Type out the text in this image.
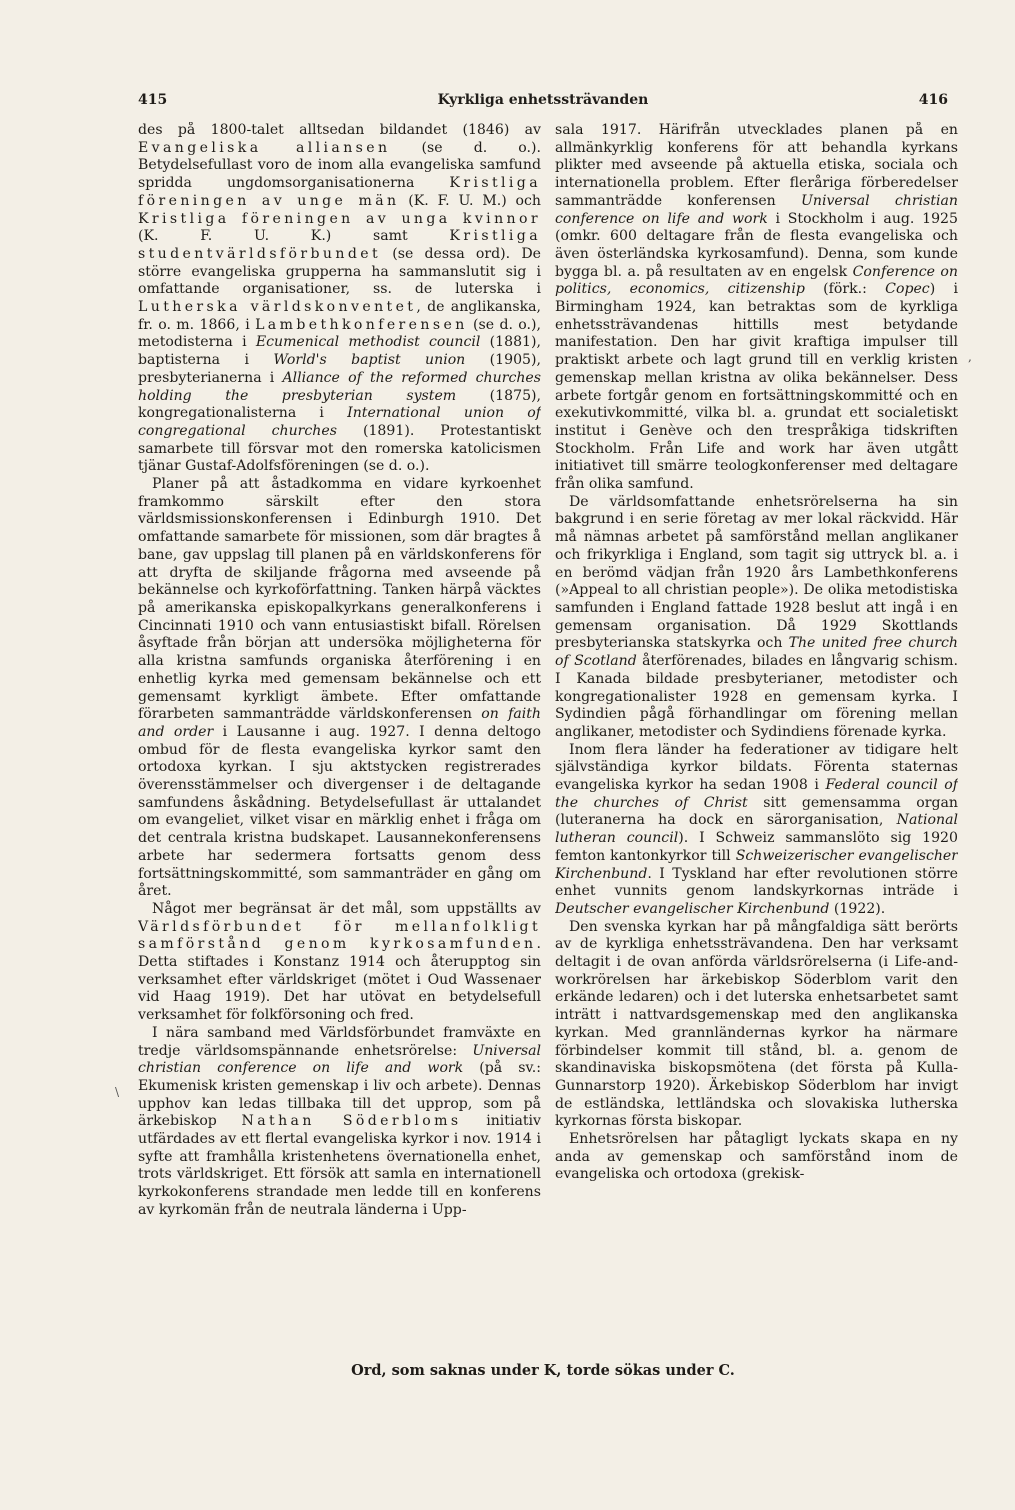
415	Kyrkliga enhetssträvanden	416

des på 1800-talet alltsedan bildandet (1846) av Evangeliska alliansen (se d. o.). Betydelsefullast voro de inom alla evangeliska samfund spridda ungdomsorganisationerna Kristliga föreningen av unge män (K. F. U. M.) och Kristliga föreningen av unga kvinnor (K. F. U. K.) samt Kristliga studentvärldsförbundet (se dessa ord). De större evangeliska grupperna ha sammanslutit sig i omfattande organisationer, ss. de luterska i Lutherska världskonventet, de anglikanska, fr. o. m. 1866, i Lambethkonferensen (se d. o.), metodisterna i Ecumenical methodist council (1881), baptisterna i World's baptist union (1905), presbyterianerna i Alliance of the reformed churches holding the presbyterian system (1875), kongregationalisterna i International union of congregational churches (1891). Protestantiskt samarbete till försvar mot den romerska katolicismen tjänar Gustaf-Adolfsföreningen (se d. o.).

Planer på att åstadkomma en vidare kyrkoenhet framkommo särskilt efter den stora världsmissionskonferensen i Edinburgh 1910. Det omfattande samarbete för missionen, som där bragtes å bane, gav uppslag till planen på en världskonferens för att dryfta de skiljande frågorna med avseende på bekännelse och kyrkoförfattning. Tanken härpå väcktes på amerikanska episkopalkyrkans generalkonferens i Cincinnati 1910 och vann entusiastiskt bifall. Rörelsen åsyftade från början att undersöka möjligheterna för alla kristna samfunds organiska återförening i en enhetlig kyrka med gemensam bekännelse och ett gemensamt kyrkligt ämbete. Efter omfattande förarbeten sammanträdde världskonferensen on faith and order i Lausanne i aug. 1927. I denna deltogo ombud för de flesta evangeliska kyrkor samt den ortodoxa kyrkan. I sju aktstycken registrerades överensstämmelser och divergenser i de deltagande samfundens åskådning. Betydelsefullast är uttalandet om evangeliet, vilket visar en märklig enhet i fråga om det centrala kristna budskapet. Lausannekonferensens arbete har sedermera fortsatts genom dess fortsättningskommitté, som sammanträder en gång om året.

Något mer begränsat är det mål, som uppställts av Världsförbundet för mellanfolkligt samförstånd genom kyrkosamfunden. Detta stiftades i Konstanz 1914 och återupptog sin verksamhet efter världskriget (mötet i Oud Wassenaer vid Haag 1919). Det har utövat en betydelsefull verksamhet för folkförsoning och fred.

I nära samband med Världsförbundet framväxte en tredje världsomspännande enhetsrörelse: Universal christian conference on life and work (på sv.: Ekumenisk kristen gemenskap i liv och arbete). Dennas upphov kan ledas tillbaka till det upprop, som på ärkebiskop Nathan Söderbloms initiativ utfärdades av ett flertal evangeliska kyrkor i nov. 1914 i syfte att framhålla kristenhetens övernationella enhet, trots världskriget. Ett försök att samla en internationell kyrkokonferens strandade men ledde till en konferens av kyrkomän från de neutrala länderna i Upp-

sala 1917. Härifrån utvecklades planen på en allmänkyrklig konferens för att behandla kyrkans plikter med avseende på aktuella etiska, sociala och internationella problem. Efter fleråriga förberedelser sammanträdde konferensen Universal christian conference on life and work i Stockholm i aug. 1925 (omkr. 600 deltagare från de flesta evangeliska och även österländska kyrkosamfund). Denna, som kunde bygga bl. a. på resultaten av en engelsk Conference on politics, economics, citizenship (förk.: Copec) i Birmingham 1924, kan betraktas som de kyrkliga enhetssträvandenas hittills mest betydande manifestation. Den har givit kraftiga impulser till praktiskt arbete och lagt grund till en verklig kristen gemenskap mellan kristna av olika bekännelser. Dess arbete fortgår genom en fortsättningskommitté och en exekutivkommitté, vilka bl. a. grundat ett socialetiskt institut i Genève och den trespråkiga tidskriften Stockholm. Från Life and work har även utgått initiativet till smärre teologkonferenser med deltagare från olika samfund.

De världsomfattande enhetsrörelserna ha sin bakgrund i en serie företag av mer lokal räckvidd. Här må nämnas arbetet på samförstånd mellan anglikaner och frikyrkliga i England, som tagit sig uttryck bl. a. i en berömd vädjan från 1920 års Lambethkonferens (»Appeal to all christian people»). De olika metodistiska samfunden i England fattade 1928 beslut att ingå i en gemensam organisation. Då 1929 Skottlands presbyterianska statskyrka och The united free church of Scotland återförenades, bilades en långvarig schism. I Kanada bildade presbyterianer, metodister och kongregationalister 1928 en gemensam kyrka. I Sydindien pågå förhandlingar om förening mellan anglikaner, metodister och Sydindiens förenade kyrka.

Inom flera länder ha federationer av tidigare helt självständiga kyrkor bildats. Förenta staternas evangeliska kyrkor ha sedan 1908 i Federal council of the churches of Christ sitt gemensamma organ (luteranerna ha dock en särorganisation, National lutheran council). I Schweiz sammanslöto sig 1920 femton kantonkyrkor till Schweizerischer evangelischer Kirchenbund. I Tyskland har efter revolutionen större enhet vunnits genom landskyrkornas inträde i Deutscher evangelischer Kirchenbund (1922).

Den svenska kyrkan har på mångfaldiga sätt berörts av de kyrkliga enhetssträvandena. Den har verksamt deltagit i de ovan anförda världsrörelserna (i Life-and-workrörelsen har ärkebiskop Söderblom varit den erkände ledaren) och i det luterska enhetsarbetet samt inträtt i nattvardsgemenskap med den anglikanska kyrkan. Med grannländernas kyrkor ha närmare förbindelser kommit till stånd, bl. a. genom de skandinaviska biskopsmötena (det första på Kulla-Gunnarstorp 1920). Ärkebiskop Söderblom har invigt de estländska, lettländska och slovakiska lutherska kyrkornas första biskopar.

Enhetsrörelsen har påtagligt lyckats skapa en ny anda av gemenskap och samförstånd inom de evangeliska och ortodoxa (grekisk-

Ord, som saknas under K, torde sökas under C.
\
,
